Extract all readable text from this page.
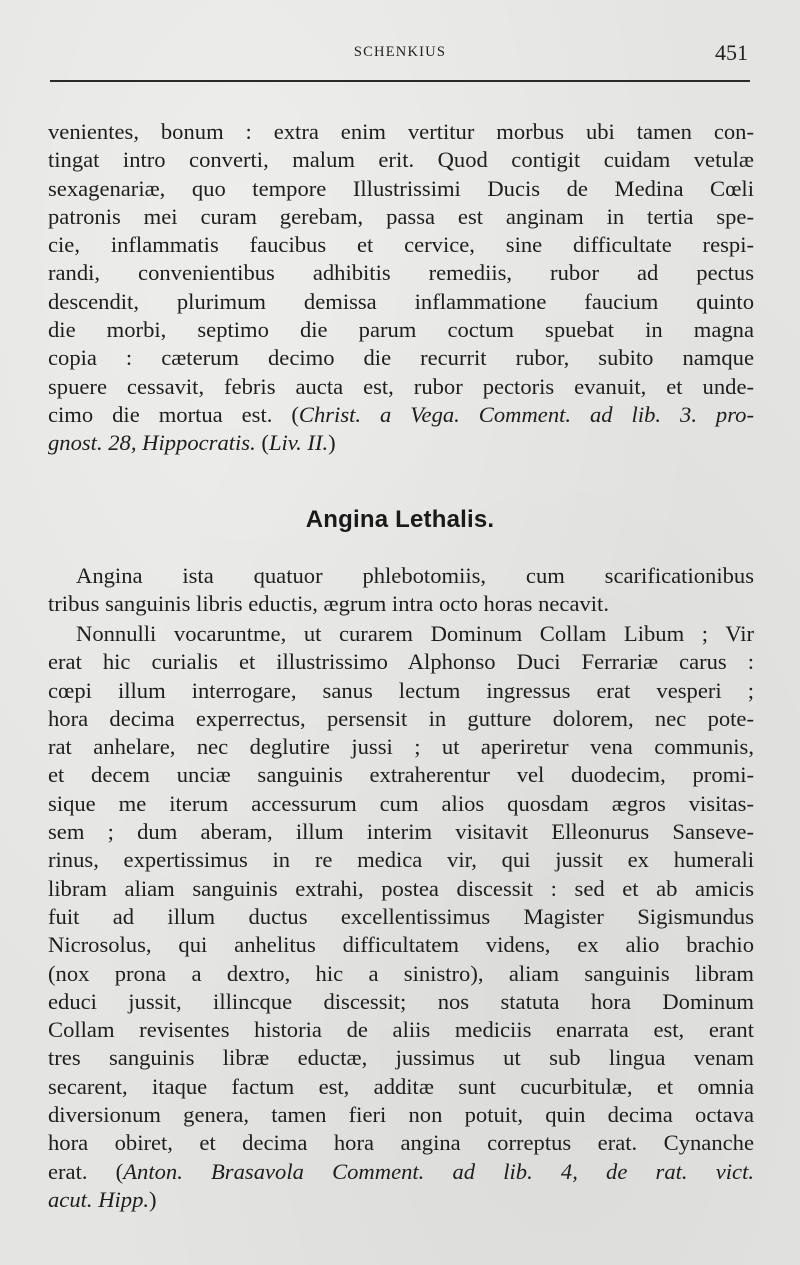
SCHENKIUS	451
venientes, bonum : extra enim vertitur morbus ubi tamen con-
tingat intro converti, malum erit. Quod contigit cuidam vetulæ
sexagenariæ, quo tempore Illustrissimi Ducis de Medina Cœli
patronis mei curam gerebam, passa est anginam in tertia spe-
cie, inflammatis faucibus et cervice, sine difficultate respi-
randi, convenientibus adhibitis remediis, rubor ad pectus
descendit, plurimum demissa inflammatione faucium quinto
die morbi, septimo die parum coctum spuebat in magna
copia : cæterum decimo die recurrit rubor, subito namque
spuere cessavit, febris aucta est, rubor pectoris evanuit, et unde-
cimo die mortua est. (Christ. a Vega. Comment. ad lib. 3. pro-
gnost. 28, Hippocratis. (Liv. II.)
Angina Lethalis.
Angina ista quatuor phlebotomiis, cum scarificationibus
tribus sanguinis libris eductis, ægrum intra octo horas necavit.
Nonnulli vocaruntme, ut curarem Dominum Collam Libum ; Vir
erat hic curialis et illustrissimo Alphonso Duci Ferrariæ carus :
cœpi illum interrogare, sanus lectum ingressus erat vesperi ;
hora decima experrectus, persensit in gutture dolorem, nec pote-
rat anhelare, nec deglutire jussi ; ut aperiretur vena communis,
et decem unciæ sanguinis extraherentur vel duodecim, promi-
sique me iterum accessurum cum alios quosdam ægros visitas-
sem ; dum aberam, illum interim visitavit Elleonurus Sanseve-
rinus, expertissimus in re medica vir, qui jussit ex humerali
libram aliam sanguinis extrahi, postea discessit : sed et ab amicis
fuit ad illum ductus excellentissimus Magister Sigismundus
Nicrosolus, qui anhelitus difficultatem videns, ex alio brachio
(nox prona a dextro, hic a sinistro), aliam sanguinis libram
educi jussit, illincque discessit; nos statuta hora Dominum
Collam revisentes historia de aliis mediciis enarrata est, erant
tres sanguinis libræ eductæ, jussimus ut sub lingua venam
secarent, itaque factum est, additæ sunt cucurbitulæ, et omnia
diversionum genera, tamen fieri non potuit, quin decima octava
hora obiret, et decima hora angina correptus erat. Cynanche
erat. (Anton. Brasavola Comment. ad lib. 4, de rat. vict.
acut. Hipp.)
